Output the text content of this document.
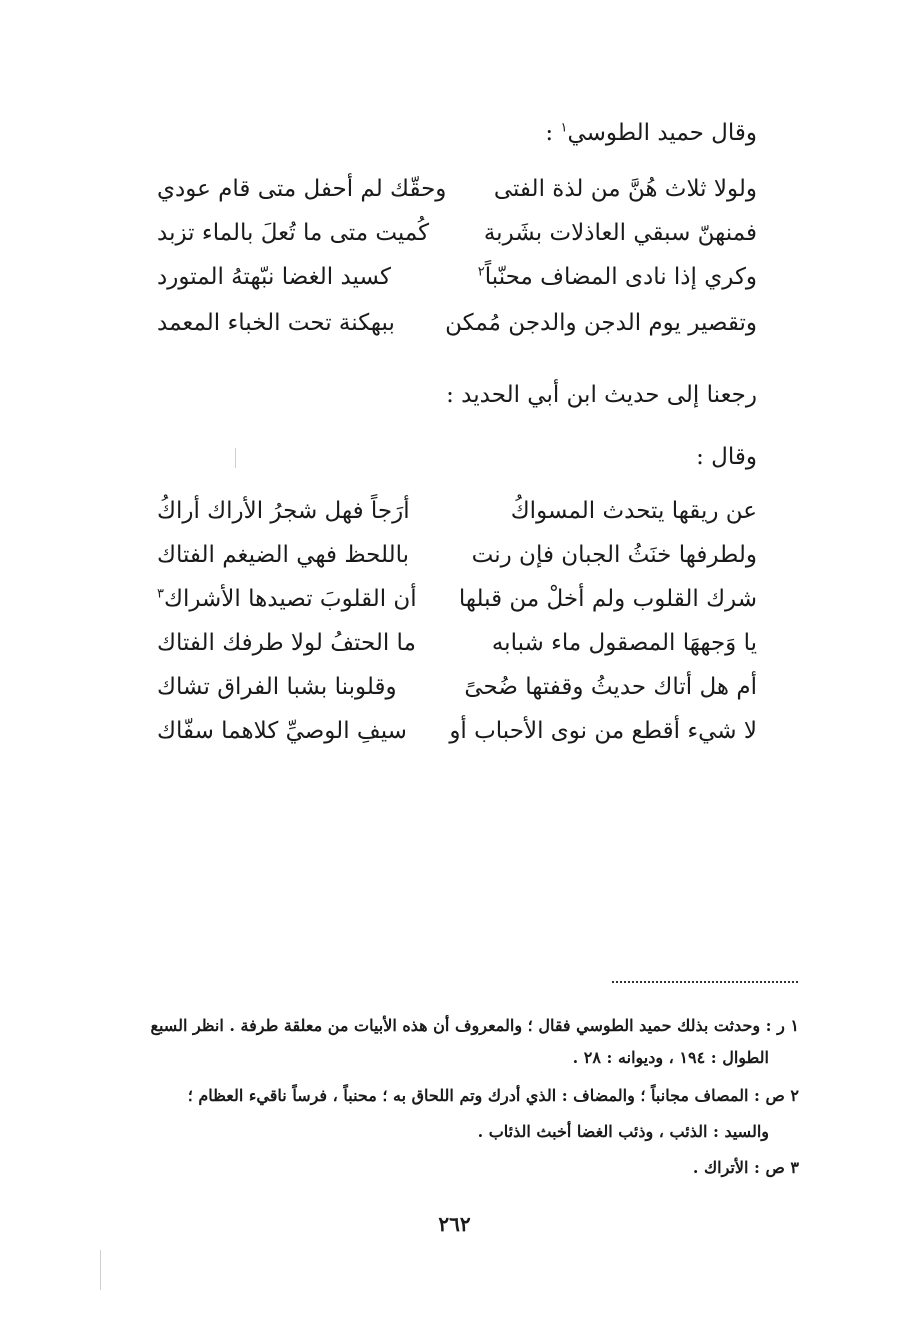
وقال حميد الطوسي$^١$ :
ولولا ثلاث هُنَّ من لذة الفتى
وحقّك لم أحفل متى قام عودي
فمنهنّ سبقي العاذلات بشَربة
كُميت متى ما تُعلَ بالماء تزبد
وكري إذا نادى المضاف محنّباً$^٢$
كسيد الغضا نبّهتهُ المتورد
وتقصير يوم الدجن والدجن مُمكن
ببهكنة تحت الخباء المعمد
رجعنا إلى حديث ابن أبي الحديد :
وقال :
عن ريقها يتحدث المسواكُ
أرَجاً فهل شجرُ الأراك أراكُ
ولطرفها خنَثُ الجبان فإن رنت
باللحظ فهي الضيغم الفتاك
شرك القلوب ولم أخلْ من قبلها
أن القلوبَ تصيدها الأشراك$^٣$
يا وَجههَا المصقول ماء شبابه
ما الحتفُ لولا طرفك الفتاك
أم هل أتاك حديثُ وقفتها ضُحىً
وقلوبنا بشبا الفراق تشاك
لا شيء أقطع من نوى الأحباب أو
سيفِ الوصيِّ كلاهما سفّاك
١ ر : وحدثت بذلك حميد الطوسي فقال ؛ والمعروف أن هذه الأبيات من معلقة طرفة . انظر السبع
الطوال : ١٩٤ ، وديوانه : ٢٨ .
٢ ص : المصاف مجانباً ؛ والمضاف : الذي أدرك وتم اللحاق به ؛ محنباً ، فرساً ناقيء العظام ؛
والسيد : الذئب ، وذئب الغضا أخبث الذئاب .
٣ ص : الأتراك .
٢٦٢
